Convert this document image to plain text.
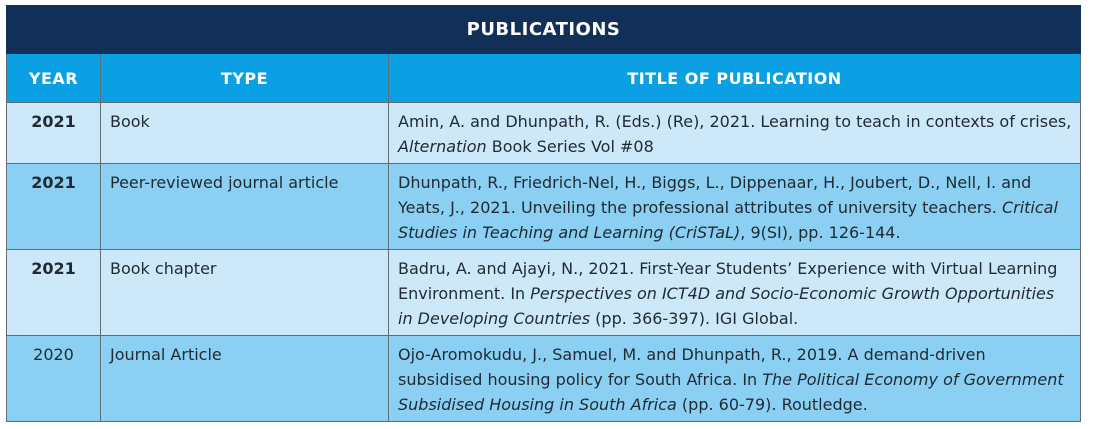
PUBLICATIONS		
YEAR	TYPE	TITLE OF PUBLICATION
2021	Book	Amin, A. and Dhunpath, R. (Eds.) (Re), 2021. Learning to teach in contexts of crises, Alternation Book Series Vol #08
2021	Peer-reviewed journal article	Dhunpath, R., Friedrich-Nel, H., Biggs, L., Dippenaar, H., Joubert, D., Nell, I. and Yeats, J., 2021. Unveiling the professional attributes of university teachers. Critical Studies in Teaching and Learning (CriSTaL), 9(SI), pp. 126-144.
2021	Book chapter	Badru, A. and Ajayi, N., 2021. First-Year Students’ Experience with Virtual Learning Environment. In Perspectives on ICT4D and Socio-Economic Growth Opportunities in Developing Countries (pp. 366-397). IGI Global.
2020	Journal Article	Ojo-Aromokudu, J., Samuel, M. and Dhunpath, R., 2019. A demand-driven subsidised housing policy for South Africa. In The Political Economy of Government Subsidised Housing in South Africa (pp. 60-79). Routledge.
